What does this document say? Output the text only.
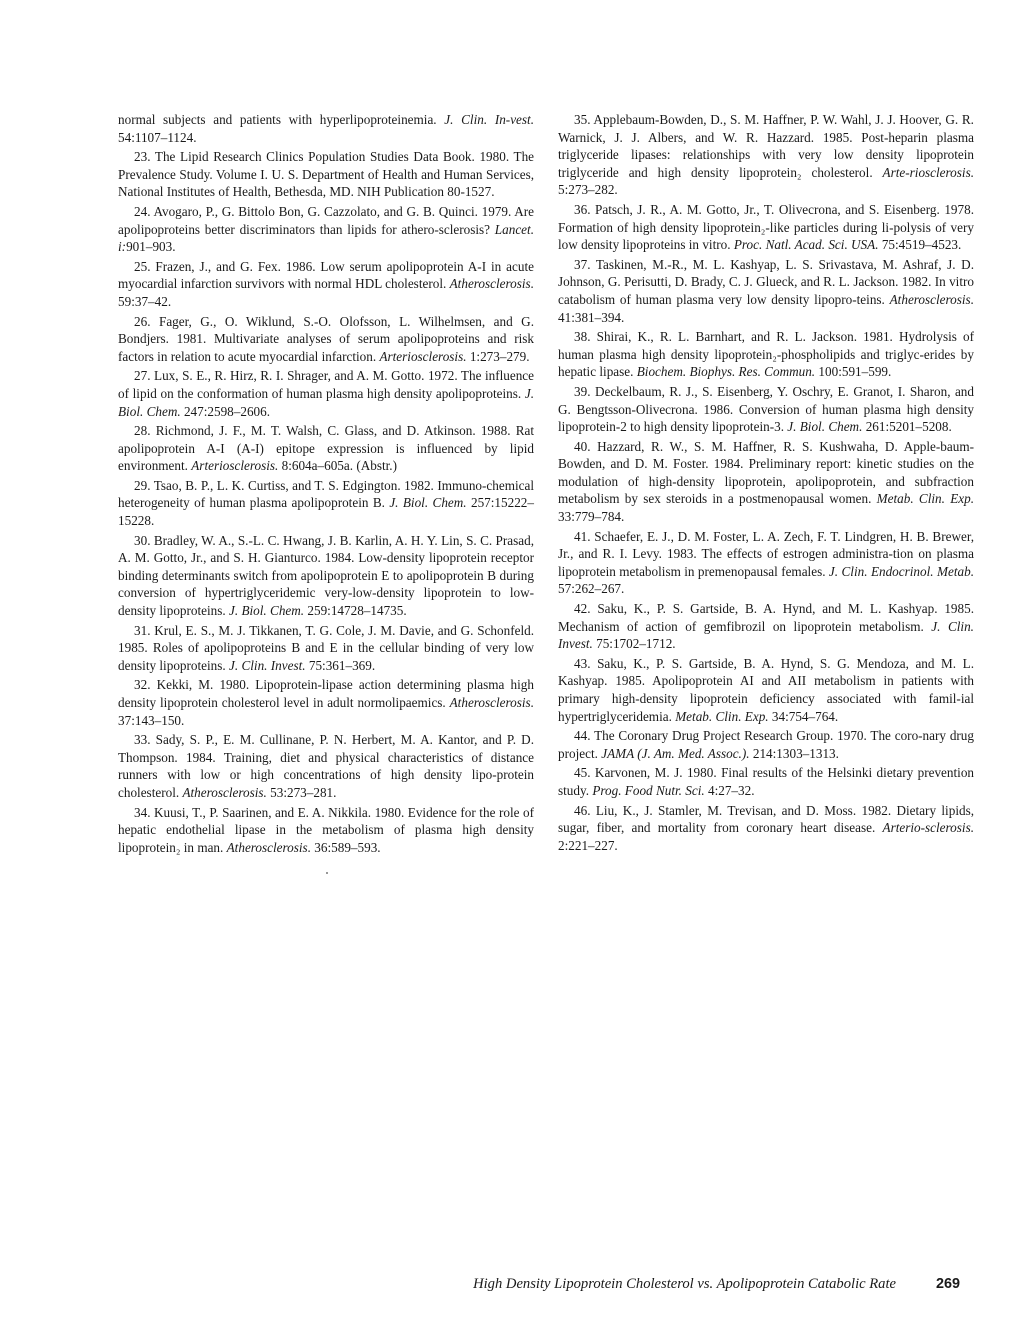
normal subjects and patients with hyperlipoproteinemia. J. Clin. In-vest. 54:1107–1124.

23. The Lipid Research Clinics Population Studies Data Book. 1980. The Prevalence Study. Volume I. U. S. Department of Health and Human Services, National Institutes of Health, Bethesda, MD. NIH Publication 80-1527.

24. Avogaro, P., G. Bittolo Bon, G. Cazzolato, and G. B. Quinci. 1979. Are apolipoproteins better discriminators than lipids for athero-sclerosis? Lancet. i:901–903.

25. Frazen, J., and G. Fex. 1986. Low serum apolipoprotein A-I in acute myocardial infarction survivors with normal HDL cholesterol. Atherosclerosis. 59:37–42.

26. Fager, G., O. Wiklund, S.-O. Olofsson, L. Wilhelmsen, and G. Bondjers. 1981. Multivariate analyses of serum apolipoproteins and risk factors in relation to acute myocardial infarction. Arteriosclerosis. 1:273–279.

27. Lux, S. E., R. Hirz, R. I. Shrager, and A. M. Gotto. 1972. The influence of lipid on the conformation of human plasma high density apolipoproteins. J. Biol. Chem. 247:2598–2606.

28. Richmond, J. F., M. T. Walsh, C. Glass, and D. Atkinson. 1988. Rat apolipoprotein A-I (A-I) epitope expression is influenced by lipid environment. Arteriosclerosis. 8:604a–605a. (Abstr.)

29. Tsao, B. P., L. K. Curtiss, and T. S. Edgington. 1982. Immuno-chemical heterogeneity of human plasma apolipoprotein B. J. Biol. Chem. 257:15222–15228.

30. Bradley, W. A., S.-L. C. Hwang, J. B. Karlin, A. H. Y. Lin, S. C. Prasad, A. M. Gotto, Jr., and S. H. Gianturco. 1984. Low-density lipoprotein receptor binding determinants switch from apolipoprotein E to apolipoprotein B during conversion of hypertriglyceridemic very-low-density lipoprotein to low-density lipoproteins. J. Biol. Chem. 259:14728–14735.

31. Krul, E. S., M. J. Tikkanen, T. G. Cole, J. M. Davie, and G. Schonfeld. 1985. Roles of apolipoproteins B and E in the cellular binding of very low density lipoproteins. J. Clin. Invest. 75:361–369.

32. Kekki, M. 1980. Lipoprotein-lipase action determining plasma high density lipoprotein cholesterol level in adult normolipaemics. Atherosclerosis. 37:143–150.

33. Sady, S. P., E. M. Cullinane, P. N. Herbert, M. A. Kantor, and P. D. Thompson. 1984. Training, diet and physical characteristics of distance runners with low or high concentrations of high density lipo-protein cholesterol. Atherosclerosis. 53:273–281.

34. Kuusi, T., P. Saarinen, and E. A. Nikkila. 1980. Evidence for the role of hepatic endothelial lipase in the metabolism of plasma high density lipoprotein₂ in man. Atherosclerosis. 36:589–593.

35. Applebaum-Bowden, D., S. M. Haffner, P. W. Wahl, J. J. Hoover, G. R. Warnick, J. J. Albers, and W. R. Hazzard. 1985. Post-heparin plasma triglyceride lipases: relationships with very low density lipoprotein triglyceride and high density lipoprotein₂ cholesterol. Arte-riosclerosis. 5:273–282.

36. Patsch, J. R., A. M. Gotto, Jr., T. Olivecrona, and S. Eisenberg. 1978. Formation of high density lipoprotein₂-like particles during li-polysis of very low density lipoproteins in vitro. Proc. Natl. Acad. Sci. USA. 75:4519–4523.

37. Taskinen, M.-R., M. L. Kashyap, L. S. Srivastava, M. Ashraf, J. D. Johnson, G. Perisutti, D. Brady, C. J. Glueck, and R. L. Jackson. 1982. In vitro catabolism of human plasma very low density lipopro-teins. Atherosclerosis. 41:381–394.

38. Shirai, K., R. L. Barnhart, and R. L. Jackson. 1981. Hydrolysis of human plasma high density lipoprotein₂-phospholipids and triglyc-erides by hepatic lipase. Biochem. Biophys. Res. Commun. 100:591–599.

39. Deckelbaum, R. J., S. Eisenberg, Y. Oschry, E. Granot, I. Sharon, and G. Bengtsson-Olivecrona. 1986. Conversion of human plasma high density lipoprotein-2 to high density lipoprotein-3. J. Biol. Chem. 261:5201–5208.

40. Hazzard, R. W., S. M. Haffner, R. S. Kushwaha, D. Apple-baum-Bowden, and D. M. Foster. 1984. Preliminary report: kinetic studies on the modulation of high-density lipoprotein, apolipoprotein, and subfraction metabolism by sex steroids in a postmenopausal women. Metab. Clin. Exp. 33:779–784.

41. Schaefer, E. J., D. M. Foster, L. A. Zech, F. T. Lindgren, H. B. Brewer, Jr., and R. I. Levy. 1983. The effects of estrogen administra-tion on plasma lipoprotein metabolism in premenopausal females. J. Clin. Endocrinol. Metab. 57:262–267.

42. Saku, K., P. S. Gartside, B. A. Hynd, and M. L. Kashyap. 1985. Mechanism of action of gemfibrozil on lipoprotein metabolism. J. Clin. Invest. 75:1702–1712.

43. Saku, K., P. S. Gartside, B. A. Hynd, S. G. Mendoza, and M. L. Kashyap. 1985. Apolipoprotein AI and AII metabolism in patients with primary high-density lipoprotein deficiency associated with famil-ial hypertriglyceridemia. Metab. Clin. Exp. 34:754–764.

44. The Coronary Drug Project Research Group. 1970. The coro-nary drug project. JAMA (J. Am. Med. Assoc.). 214:1303–1313.

45. Karvonen, M. J. 1980. Final results of the Helsinki dietary prevention study. Prog. Food Nutr. Sci. 4:27–32.

46. Liu, K., J. Stamler, M. Trevisan, and D. Moss. 1982. Dietary lipids, sugar, fiber, and mortality from coronary heart disease. Arterio-sclerosis. 2:221–227.

High Density Lipoprotein Cholesterol vs. Apolipoprotein Catabolic Rate	269
